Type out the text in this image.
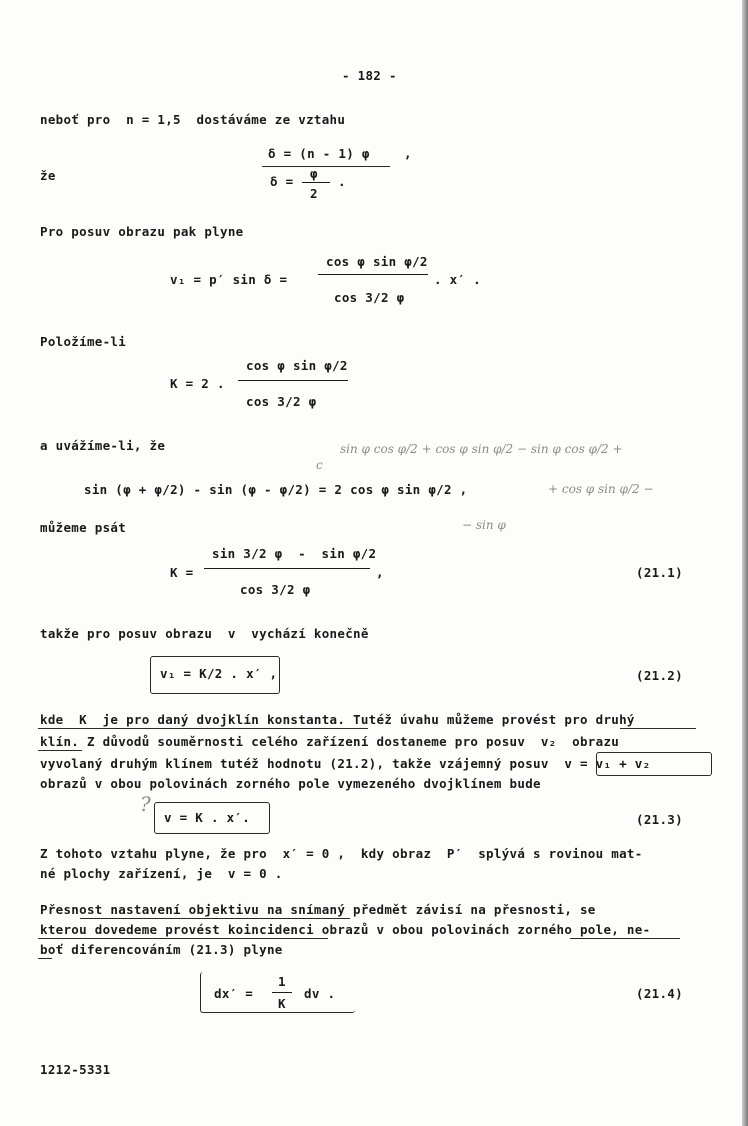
- 182 -
neboť pro  n = 1,5  dostáváme ze vztahu
že
δ = (n - 1) φ	,
δ =
φ
2
.
Pro posuv obrazu pak plyne
v₁ = p′ sin δ =
cos φ sin φ/2
cos 3/2 φ
. x′ .
Položíme-li
K = 2 .
cos φ sin φ/2
cos 3/2 φ
a uvážíme-li, že
sin (φ + φ/2) - sin (φ - φ/2) = 2 cos φ sin φ/2 ,
můžeme psát
K =
sin 3/2 φ  -  sin φ/2
cos 3/2 φ
,	(21.1)
takže pro posuv obrazu  v  vychází konečně
v₁ = K/2 . x′ ,	(21.2)
kde  K  je pro daný dvojklín konstanta. Tutéž úvahu můžeme provést pro druhý
klín. Z důvodů souměrnosti celého zařízení dostaneme pro posuv  v₂  obrazu
vyvolaný druhým klínem tutéž hodnotu (21.2), takže vzájemný posuv  v = v₁ + v₂
obrazů v obou polovinách zorného pole vymezeného dvojklínem bude
?
v = K . x′.	(21.3)
Z tohoto vztahu plyne, že pro  x′ = 0 ,  kdy obraz  P′  splývá s rovinou mat-
né plochy zařízení, je  v = 0 .
Přesnost nastavení objektivu na snímaný předmět závisí na přesnosti, se
kterou dovedeme provést koincidenci obrazů v obou polovinách zorného pole, ne-
boť diferencováním (21.3) plyne
dx′ =
1
K
dv .	(21.4)
1212-5331
sin φ cos φ/2 + cos φ sin φ/2 − sin φ cos φ/2 +
+ cos φ sin φ/2 −
− sin φ
c
